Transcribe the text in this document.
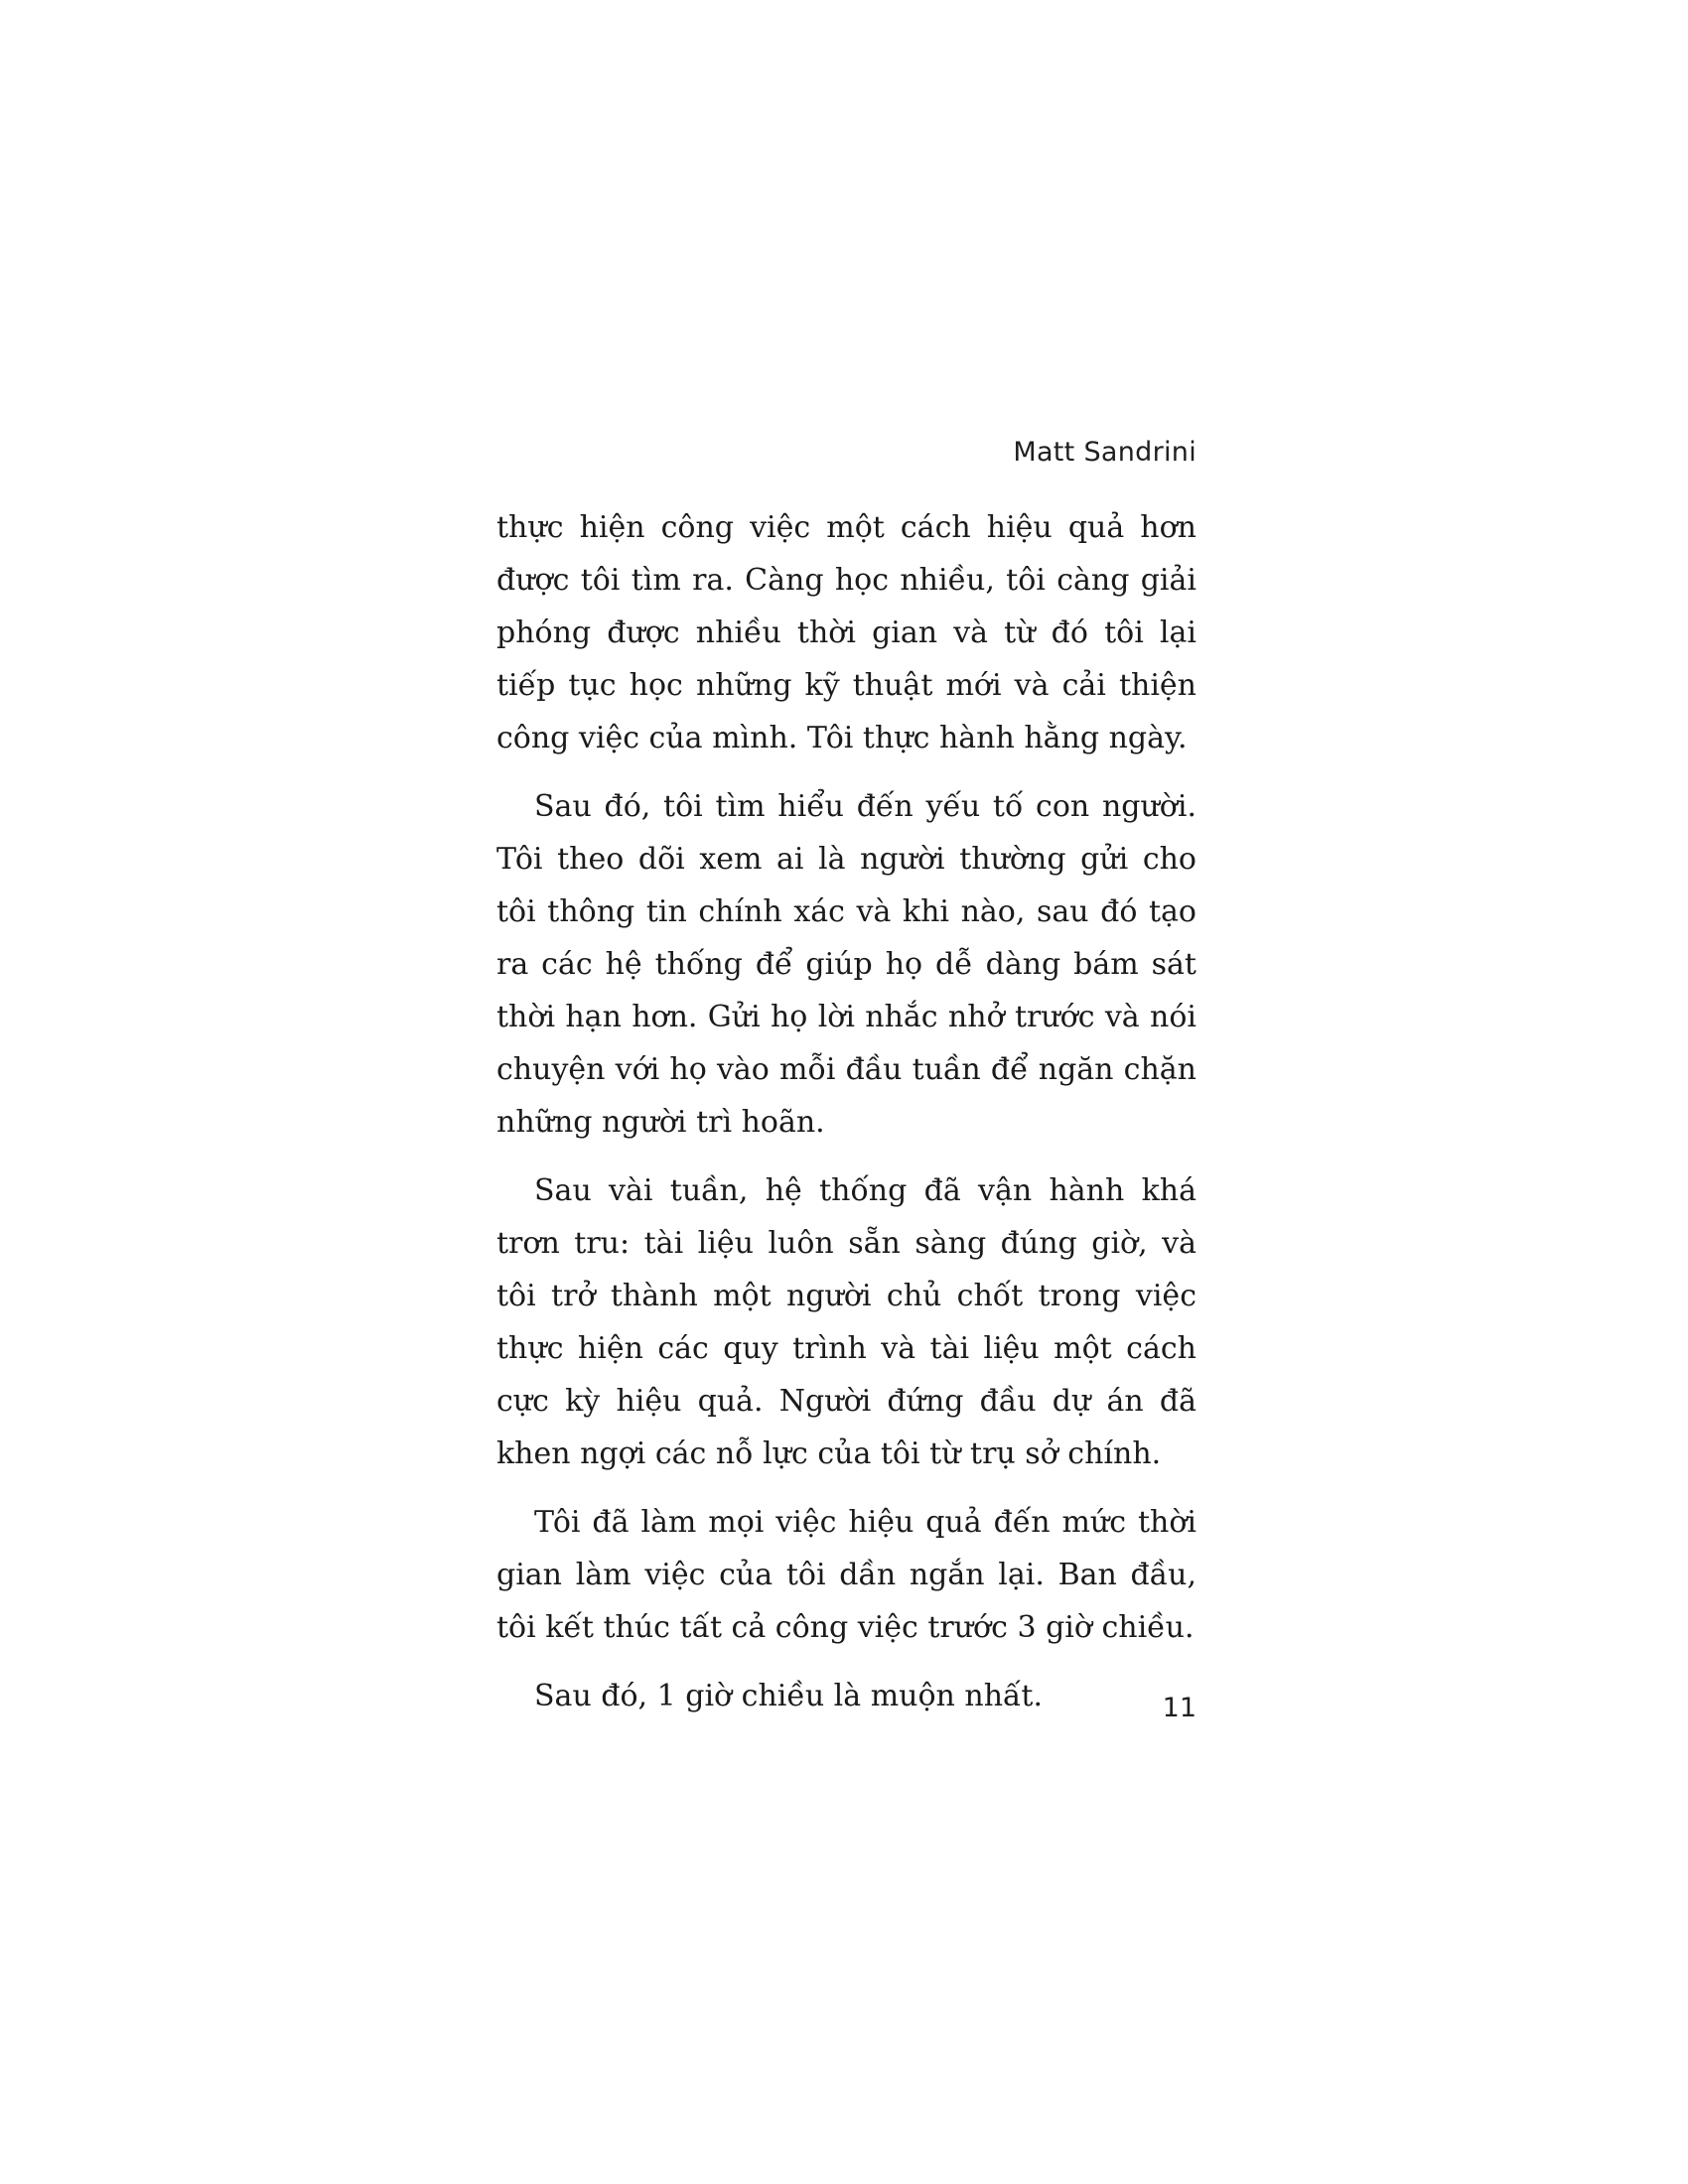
Matt Sandrini

thực hiện công việc một cách hiệu quả hơn được tôi tìm ra. Càng học nhiều, tôi càng giải phóng được nhiều thời gian và từ đó tôi lại tiếp tục học những kỹ thuật mới và cải thiện công việc của mình. Tôi thực hành hằng ngày.

Sau đó, tôi tìm hiểu đến yếu tố con người. Tôi theo dõi xem ai là người thường gửi cho tôi thông tin chính xác và khi nào, sau đó tạo ra các hệ thống để giúp họ dễ dàng bám sát thời hạn hơn. Gửi họ lời nhắc nhở trước và nói chuyện với họ vào mỗi đầu tuần để ngăn chặn những người trì hoãn.

Sau vài tuần, hệ thống đã vận hành khá trơn tru: tài liệu luôn sẵn sàng đúng giờ, và tôi trở thành một người chủ chốt trong việc thực hiện các quy trình và tài liệu một cách cực kỳ hiệu quả. Người đứng đầu dự án đã khen ngợi các nỗ lực của tôi từ trụ sở chính.

Tôi đã làm mọi việc hiệu quả đến mức thời gian làm việc của tôi dần ngắn lại. Ban đầu, tôi kết thúc tất cả công việc trước 3 giờ chiều.

Sau đó, 1 giờ chiều là muộn nhất.	11
